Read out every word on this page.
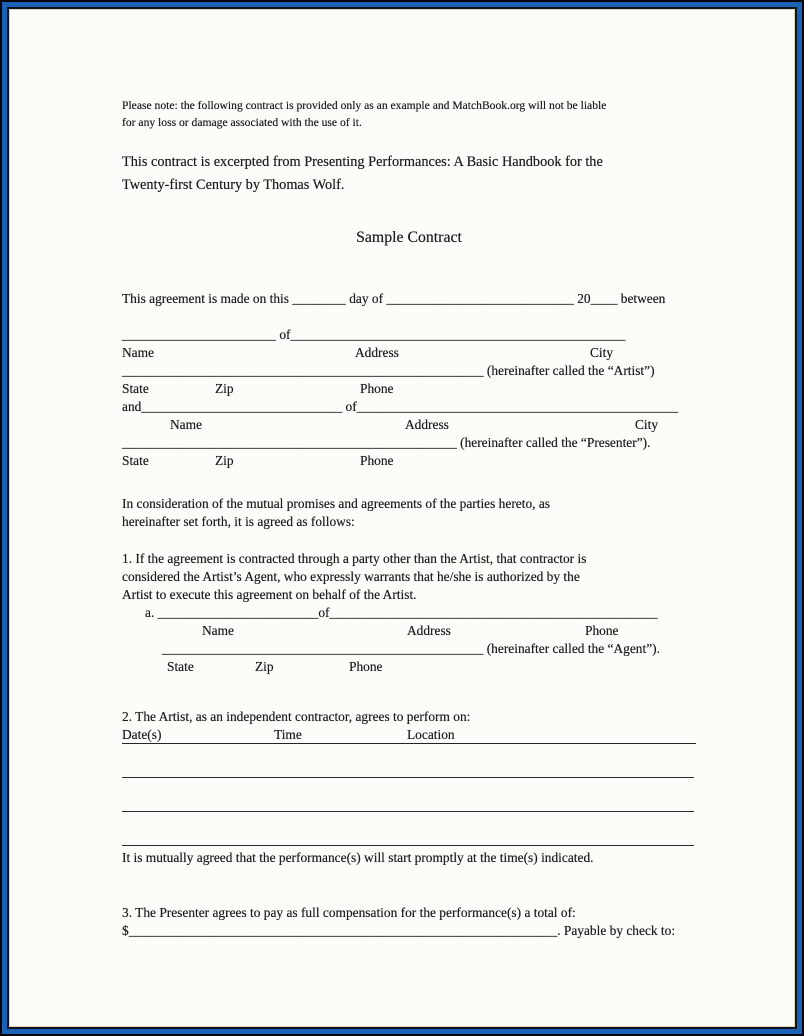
Please note: the following contract is provided only as an example and MatchBook.org will not be liable
for any loss or damage associated with the use of it.
This contract is excerpted from Presenting Performances: A Basic Handbook for the
Twenty-first Century by Thomas Wolf.
Sample Contract
This agreement is made on this ________ day of ____________________________ 20____ between
_______________________ of__________________________________________________
Name	Address	City
______________________________________________________ (hereinafter called the “Artist”)
State	Zip	Phone
and______________________________ of________________________________________________
Name	Address	City
__________________________________________________ (hereinafter called the “Presenter”).
State	Zip	Phone
In consideration of the mutual promises and agreements of the parties hereto, as
hereinafter set forth, it is agreed as follows:
1. If the agreement is contracted through a party other than the Artist, that contractor is
considered the Artist’s Agent, who expressly warrants that he/she is authorized by the
Artist to execute this agreement on behalf of the Artist.
a. ________________________of_________________________________________________
Name	Address	Phone
________________________________________________ (hereinafter called the “Agent”).
State	Zip	Phone
2. The Artist, as an independent contractor, agrees to perform on:
Date(s)	Time	Location
It is mutually agreed that the performance(s) will start promptly at the time(s) indicated.
3. The Presenter agrees to pay as full compensation for the performance(s) a total of:
$________________________________________________________________. Payable by check to:
